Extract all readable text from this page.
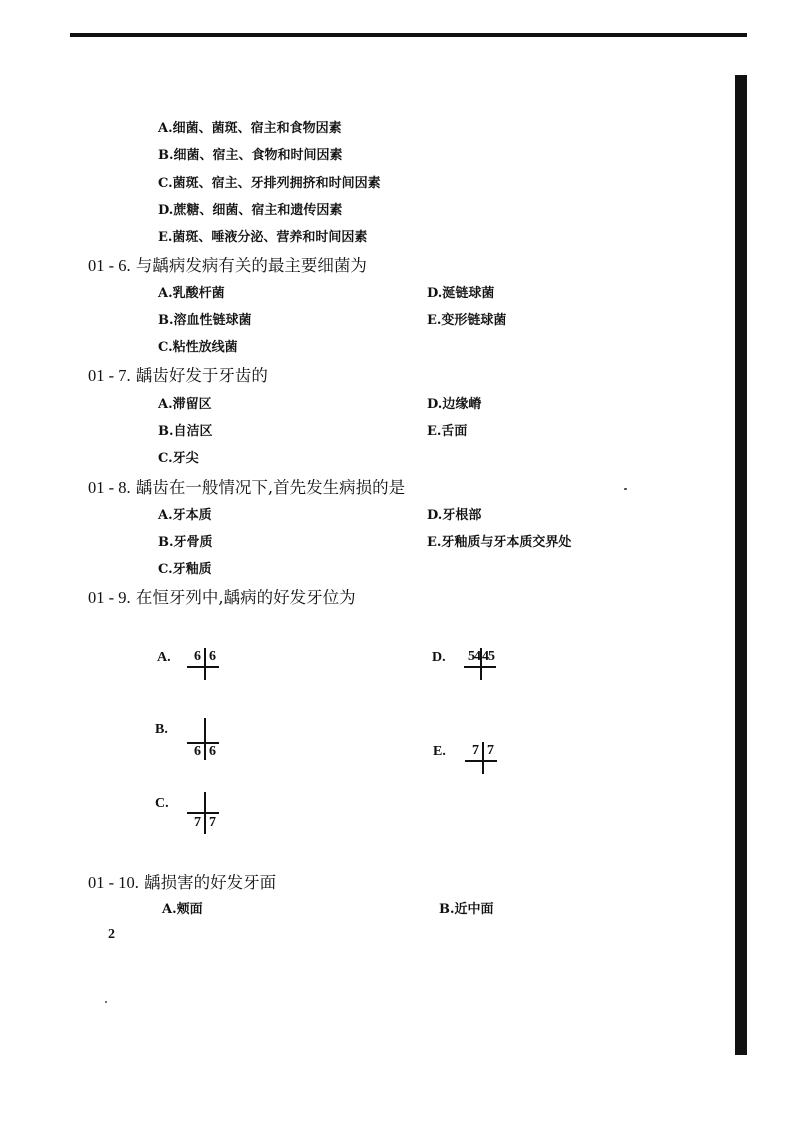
A.细菌、菌斑、宿主和食物因素
B.细菌、宿主、食物和时间因素
C.菌斑、宿主、牙排列拥挤和时间因素
D.蔗糖、细菌、宿主和遗传因素
E.菌斑、唾液分泌、营养和时间因素
01 - 6. 与龋病发病有关的最主要细菌为
A.乳酸杆菌
B.溶血性链球菌
C.粘性放线菌
D.涎链球菌
E.变形链球菌
01 - 7. 龋齿好发于牙齿的
A.滞留区
B.自洁区
C.牙尖
D.边缘嵴
E.舌面
01 - 8. 龋齿在一般情况下,首先发生病损的是
A.牙本质
B.牙骨质
C.牙釉质
D.牙根部
E.牙釉质与牙本质交界处
01 - 9. 在恒牙列中,龋病的好发牙位为
A. 6 6	D. 54 45
B.
6 6	E. 7 7
C.
7 7
01 - 10. 龋损害的好发牙面
A.颊面	B.近中面
2
